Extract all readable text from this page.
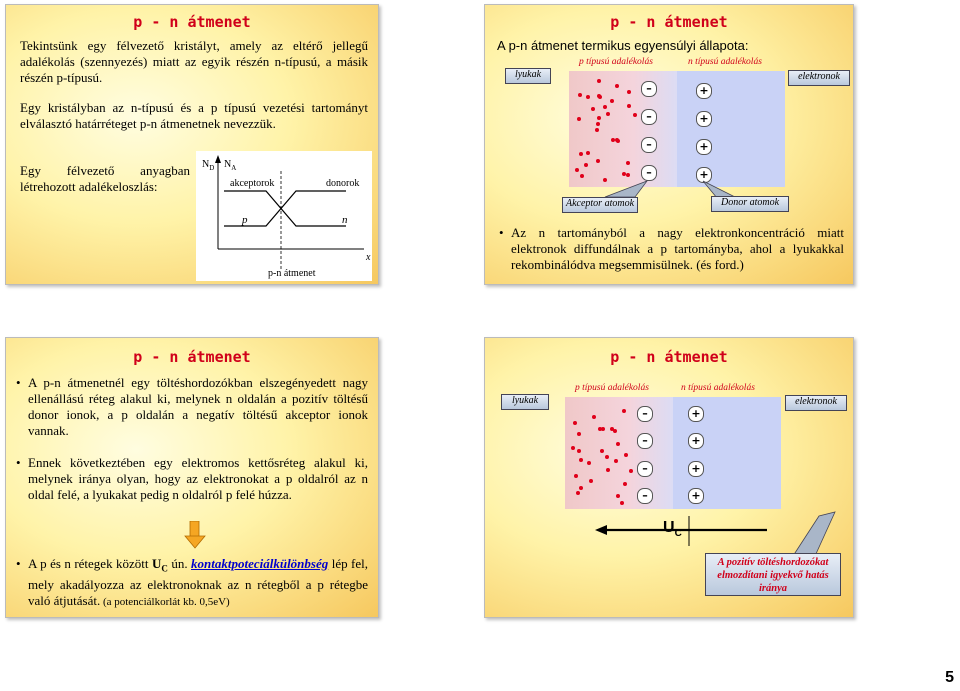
p - n átmenet
Tekintsünk egy félvezető kristályt, amely az eltérő jellegű adalékolás (szennyezés) miatt az egyik részén n-típusú, a másik részén p-típusú.
Egy kristályban az n-típusú és a p típusú vezetési tartományt elválasztó határréteget p-n átmenetnek nevezzük.
Egy félvezető anyagban létrehozott adalékeloszlás:
$N_D$ $N_A$
akceptorok	donorok
p	n
x
p-n átmenet
p - n átmenet
A p-n átmenet termikus egyensúlyi állapota:
p típusú adalékolás	n típusú adalékolás
lyukak	elektronok
–
–
–
–
+
+
+
+
Akceptor atomok	Donor atomok
• Az n tartományból a nagy elektronkoncentráció miatt elektronok diffundálnak a p tartományba, ahol a lyukakkal rekombinálódva megsemmisülnek. (és ford.)
p - n átmenet
• A p-n átmenetnél egy töltéshordozókban elszegényedett nagy ellenállású réteg alakul ki, melynek n oldalán a pozitív töltésű donor ionok, a p oldalán a negatív töltésű akceptor ionok vannak.
• Ennek következtében egy elektromos kettősréteg alakul ki, melynek iránya olyan, hogy az elektronokat a p oldalról az n oldal felé, a lyukakat pedig n oldalról p felé húzza.
• A p és n rétegek között $U_C$ ún. kontaktpoteciálkülönbség lép fel, mely akadályozza az elektronoknak az n rétegből a p rétegbe való átjutását. (a potenciálkorlát kb. 0,5eV)
p - n átmenet
p típusú adalékolás	n típusú adalékolás
lyukak	elektronok
–
–
–
–
+
+
+
+
$U_C$
A pozitív töltéshordozókat elmozdítani igyekvő hatás iránya
5
